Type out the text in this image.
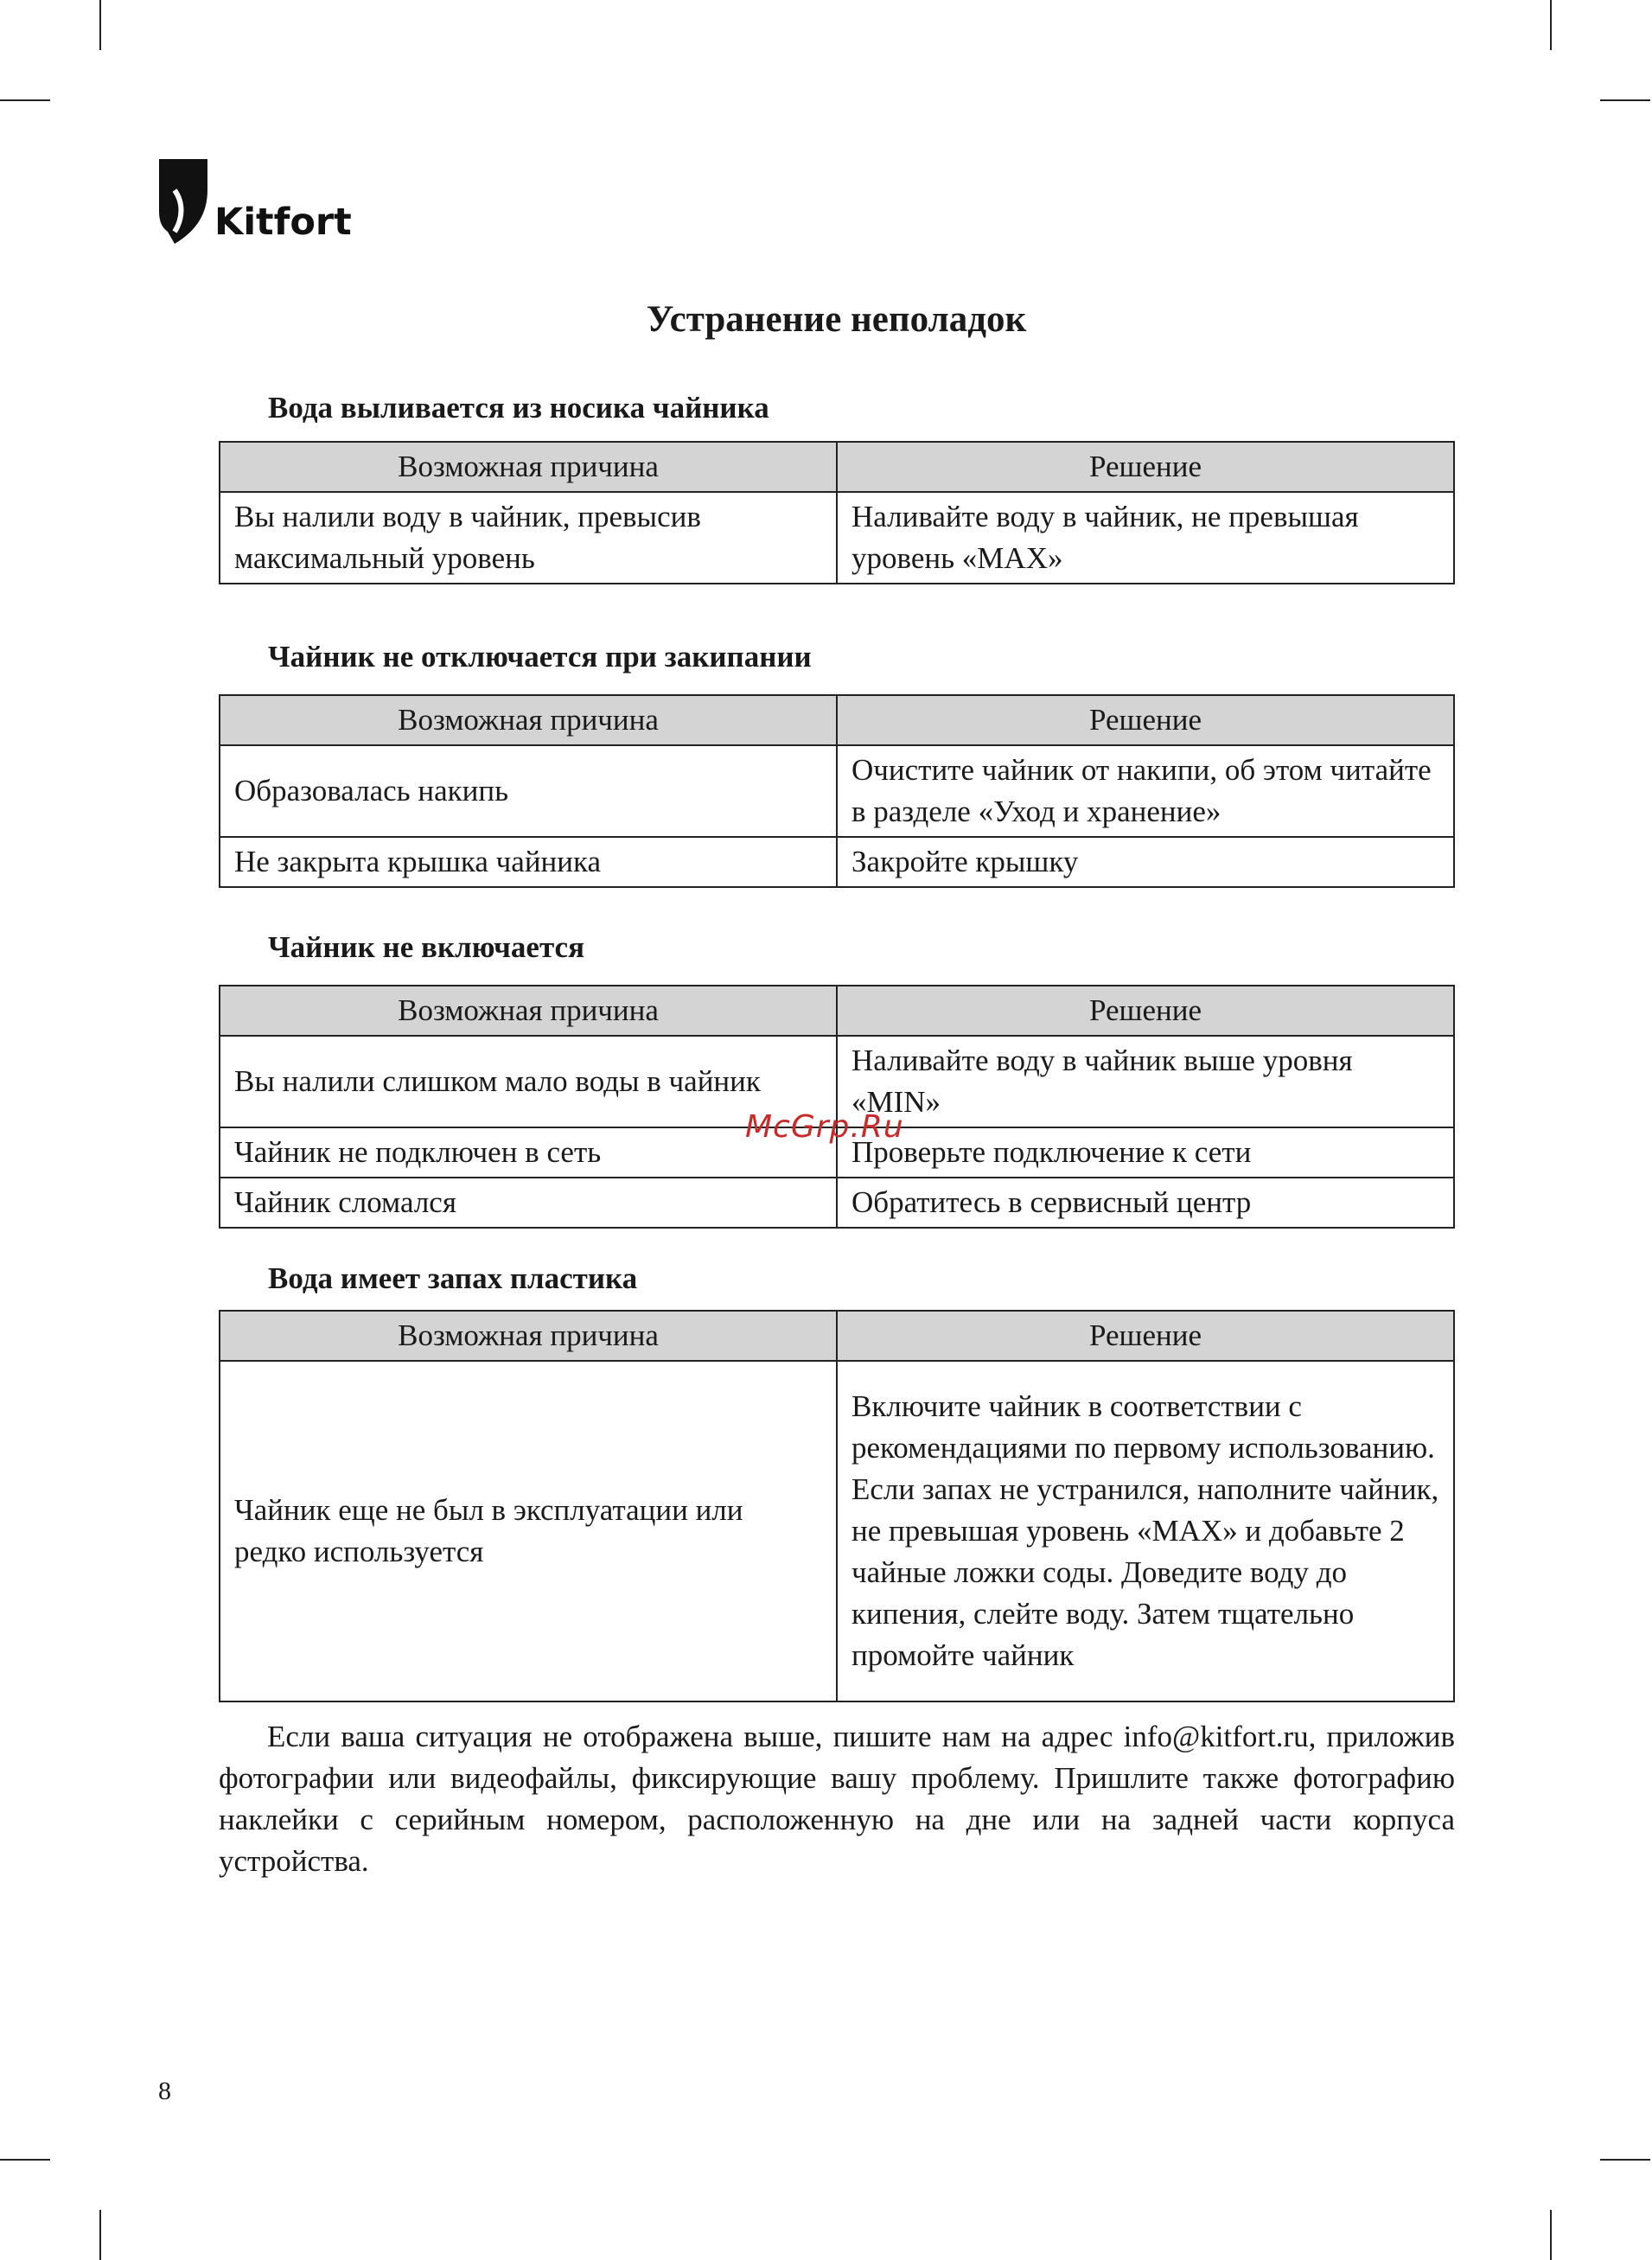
Kitfort
Устранение неполадок
Вода выливается из носика чайника
Возможная причина	Решение
Вы налили воду в чайник, превысив максимальный уровень	Наливайте воду в чайник, не превышая уровень «MAX»
Чайник не отключается при закипании
Возможная причина	Решение
Образовалась накипь	Очистите чайник от накипи, об этом читайте в разделе «Уход и хранение»
Не закрыта крышка чайника	Закройте крышку
Чайник не включается
Возможная причина	Решение
Вы налили слишком мало воды в чайник	Наливайте воду в чайник выше уровня «MIN»
Чайник не подключен в сеть	Проверьте подключение к сети
Чайник сломался	Обратитесь в сервисный центр
Вода имеет запах пластика
Возможная причина	Решение
Чайник еще не был в эксплуатации или редко используется	Включите чайник в соответствии с рекомендациями по первому использованию. Если запах не устранился, наполните чайник, не превышая уровень «MAX» и добавьте 2 чайные ложки соды. Доведите воду до кипения, слейте воду. Затем тщательно промойте чайник
Если ваша ситуация не отображена выше, пишите нам на адрес info@kitfort.ru, приложив фотографии или видеофайлы, фиксирующие вашу проблему. Пришлите также фотографию наклейки с серийным номером, расположенную на дне или на задней части корпуса устройства.
McGrp.Ru
8
